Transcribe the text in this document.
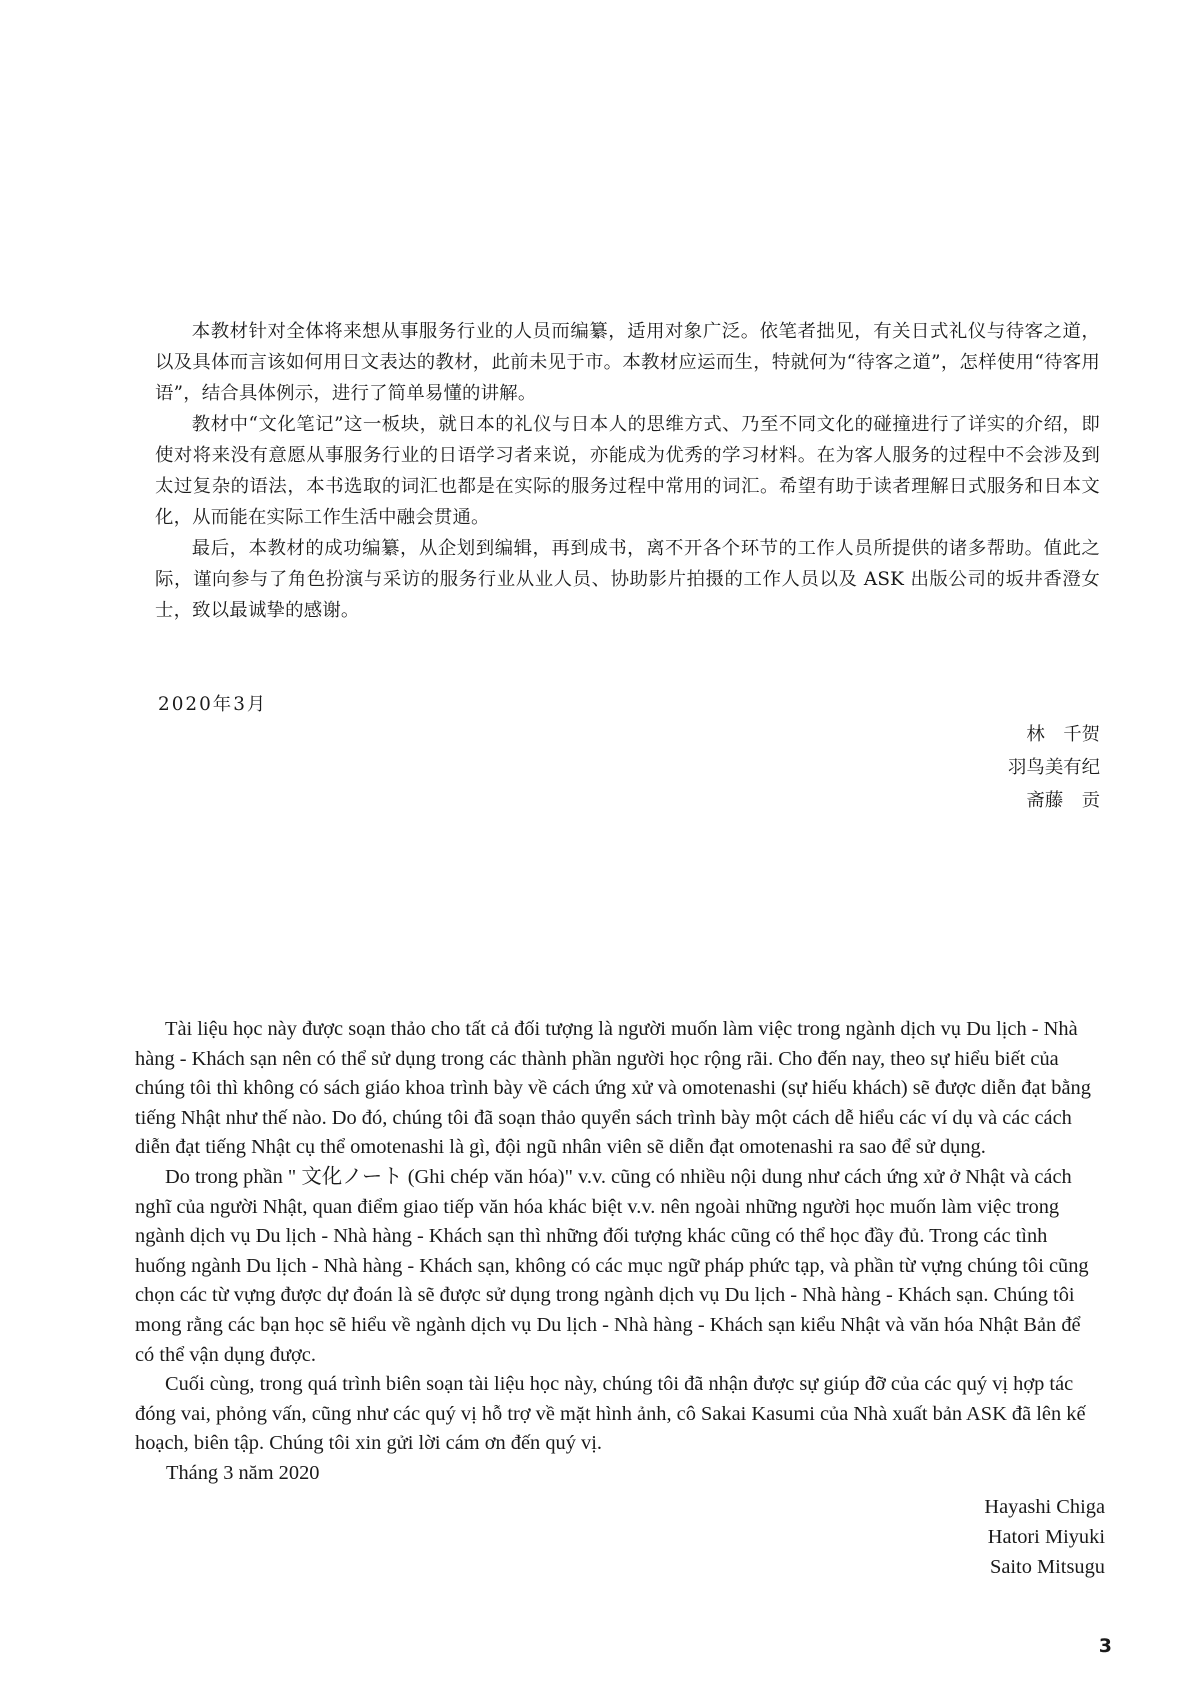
本教材针对全体将来想从事服务行业的人员而编纂，适用对象广泛。依笔者拙见，有关日式礼仪与待客之道，以及具体而言该如何用日文表达的教材，此前未见于市。本教材应运而生，特就何为“待客之道”，怎样使用“待客用语”，结合具体例示，进行了简单易懂的讲解。

教材中“文化笔记”这一板块，就日本的礼仪与日本人的思维方式、乃至不同文化的碰撞进行了详实的介绍，即使对将来没有意愿从事服务行业的日语学习者来说，亦能成为优秀的学习材料。在为客人服务的过程中不会涉及到太过复杂的语法，本书选取的词汇也都是在实际的服务过程中常用的词汇。希望有助于读者理解日式服务和日本文化，从而能在实际工作生活中融会贯通。

最后，本教材的成功编纂，从企划到编辑，再到成书，离不开各个环节的工作人员所提供的诸多帮助。值此之际，谨向参与了角色扮演与采访的服务行业从业人员、协助影片拍摄的工作人员以及 ASK 出版公司的坂井香澄女士，致以最诚挚的感谢。

2020年3月
林　千贺
羽鸟美有纪
斋藤　贡

Tài liệu học này được soạn thảo cho tất cả đối tượng là người muốn làm việc trong ngành dịch vụ Du lịch - Nhà hàng - Khách sạn nên có thể sử dụng trong các thành phần người học rộng rãi. Cho đến nay, theo sự hiểu biết của chúng tôi thì không có sách giáo khoa trình bày về cách ứng xử và omotenashi (sự hiếu khách) sẽ được diễn đạt bằng tiếng Nhật như thế nào. Do đó, chúng tôi đã soạn thảo quyển sách trình bày một cách dễ hiểu các ví dụ và các cách diễn đạt tiếng Nhật cụ thể omotenashi là gì, đội ngũ nhân viên sẽ diễn đạt omotenashi ra sao để sử dụng.

Do trong phần " 文化ノート (Ghi chép văn hóa)" v.v. cũng có nhiều nội dung như cách ứng xử ở Nhật và cách nghĩ của người Nhật, quan điểm giao tiếp văn hóa khác biệt v.v. nên ngoài những người học muốn làm việc trong ngành dịch vụ Du lịch - Nhà hàng - Khách sạn thì những đối tượng khác cũng có thể học đầy đủ. Trong các tình huống ngành Du lịch - Nhà hàng - Khách sạn, không có các mục ngữ pháp phức tạp, và phần từ vựng chúng tôi cũng chọn các từ vựng được dự đoán là sẽ được sử dụng trong ngành dịch vụ Du lịch - Nhà hàng - Khách sạn. Chúng tôi mong rằng các bạn học sẽ hiểu về ngành dịch vụ Du lịch - Nhà hàng - Khách sạn kiểu Nhật và văn hóa Nhật Bản để có thể vận dụng được.

Cuối cùng, trong quá trình biên soạn tài liệu học này, chúng tôi đã nhận được sự giúp đỡ của các quý vị hợp tác đóng vai, phỏng vấn, cũng như các quý vị hỗ trợ về mặt hình ảnh, cô Sakai Kasumi của Nhà xuất bản ASK đã lên kế hoạch, biên tập. Chúng tôi xin gửi lời cám ơn đến quý vị.

Tháng 3 năm 2020
Hayashi Chiga
Hatori Miyuki
Saito Mitsugu
3
